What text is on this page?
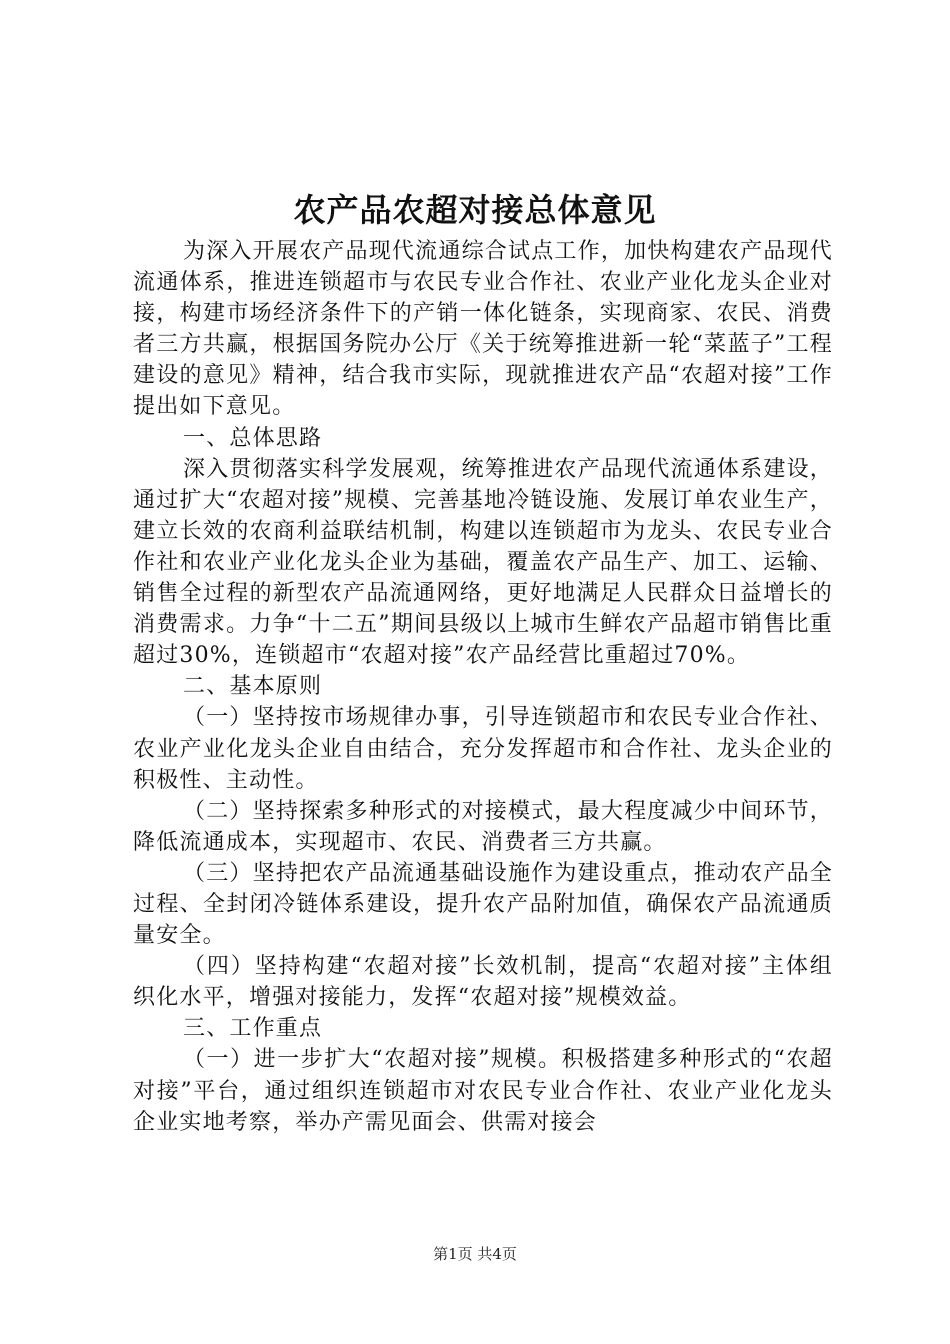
农产品农超对接总体意见

为深入开展农产品现代流通综合试点工作，加快构建农产品现代流通体系，推进连锁超市与农民专业合作社、农业产业化龙头企业对接，构建市场经济条件下的产销一体化链条，实现商家、农民、消费者三方共赢，根据国务院办公厅《关于统筹推进新一轮“菜蓝子”工程建设的意见》精神，结合我市实际，现就推进农产品“农超对接”工作提出如下意见。

一、总体思路

深入贯彻落实科学发展观，统筹推进农产品现代流通体系建设，通过扩大“农超对接”规模、完善基地冷链设施、发展订单农业生产，建立长效的农商利益联结机制，构建以连锁超市为龙头、农民专业合作社和农业产业化龙头企业为基础，覆盖农产品生产、加工、运输、销售全过程的新型农产品流通网络，更好地满足人民群众日益增长的消费需求。力争“十二五”期间县级以上城市生鲜农产品超市销售比重超过30%，连锁超市“农超对接”农产品经营比重超过70%。

二、基本原则

（一）坚持按市场规律办事，引导连锁超市和农民专业合作社、农业产业化龙头企业自由结合，充分发挥超市和合作社、龙头企业的积极性、主动性。

（二）坚持探索多种形式的对接模式，最大程度减少中间环节，降低流通成本，实现超市、农民、消费者三方共赢。

（三）坚持把农产品流通基础设施作为建设重点，推动农产品全过程、全封闭冷链体系建设，提升农产品附加值，确保农产品流通质量安全。

（四）坚持构建“农超对接”长效机制，提高“农超对接”主体组织化水平，增强对接能力，发挥“农超对接”规模效益。

三、工作重点

（一）进一步扩大“农超对接”规模。积极搭建多种形式的“农超对接”平台，通过组织连锁超市对农民专业合作社、农业产业化龙头企业实地考察，举办产需见面会、供需对接会

第1页 共4页
